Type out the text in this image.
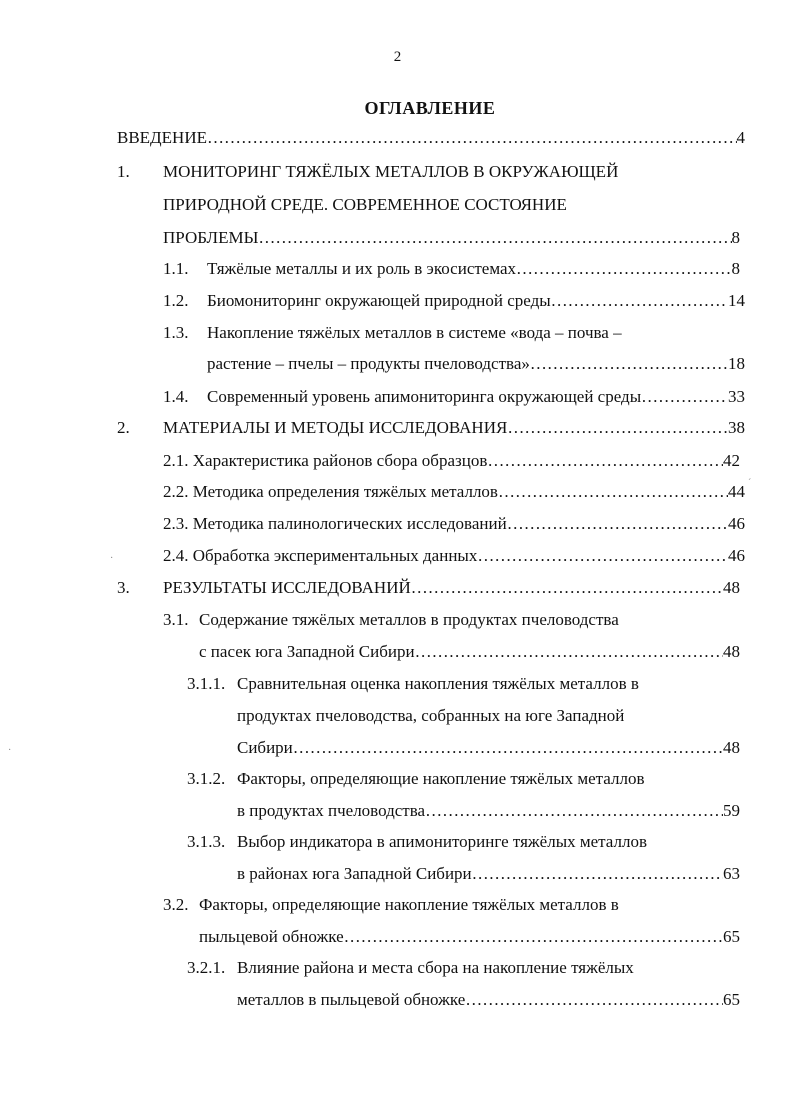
2
ОГЛАВЛЕНИЕ
ВВЕДЕНИЕ ……………………………………………………………………………………………………………………………………………………	4
1. МОНИТОРИНГ ТЯЖЁЛЫХ МЕТАЛЛОВ В ОКРУЖАЮЩЕЙ
ПРИРОДНОЙ СРЕДЕ. СОВРЕМЕННОЕ СОСТОЯНИЕ
ПРОБЛЕМЫ ……………………………………………………………………………………………………………………………………………………	8
1.1. Тяжёлые металлы и их роль в экосистемах ……………………………………………………………………………………………………………………………………………………	8
1.2. Биомониторинг окружающей природной среды ……………………………………………………………………………………………………………………………………………………	14
1.3. Накопление тяжёлых металлов в системе «вода – почва –
растение – пчелы – продукты пчеловодства» ……………………………………………………………………………………………………………………………………………………	18
1.4. Современный уровень апимониторинга окружающей среды ……………………………………………………………………………………………………………………………………………………	33
2. МАТЕРИАЛЫ И МЕТОДЫ ИССЛЕДОВАНИЯ ……………………………………………………………………………………………………………………………………………………	38
2.1. Характеристика районов сбора образцов ……………………………………………………………………………………………………………………………………………………	42
2.2. Методика определения тяжёлых металлов ……………………………………………………………………………………………………………………………………………………	44
2.3. Методика палинологических исследований ……………………………………………………………………………………………………………………………………………………	46
2.4. Обработка экспериментальных данных ……………………………………………………………………………………………………………………………………………………	46
3. РЕЗУЛЬТАТЫ ИССЛЕДОВАНИЙ ……………………………………………………………………………………………………………………………………………………	48
3.1. Содержание тяжёлых металлов в продуктах пчеловодства
с пасек юга Западной Сибири ……………………………………………………………………………………………………………………………………………………	48
3.1.1. Сравнительная оценка накопления тяжёлых металлов в
продуктах пчеловодства, собранных на юге Западной
Сибири ……………………………………………………………………………………………………………………………………………………	48
3.1.2. Факторы, определяющие накопление тяжёлых металлов
в продуктах пчеловодства ……………………………………………………………………………………………………………………………………………………	59
3.1.3. Выбор индикатора в апимониторинге тяжёлых металлов
в районах юга Западной Сибири ……………………………………………………………………………………………………………………………………………………	63
3.2. Факторы, определяющие накопление тяжёлых металлов в
пыльцевой обножке ……………………………………………………………………………………………………………………………………………………	65
3.2.1. Влияние района и места сбора на накопление тяжёлых
металлов в пыльцевой обножке ……………………………………………………………………………………………………………………………………………………	65
·
·
ˊ
